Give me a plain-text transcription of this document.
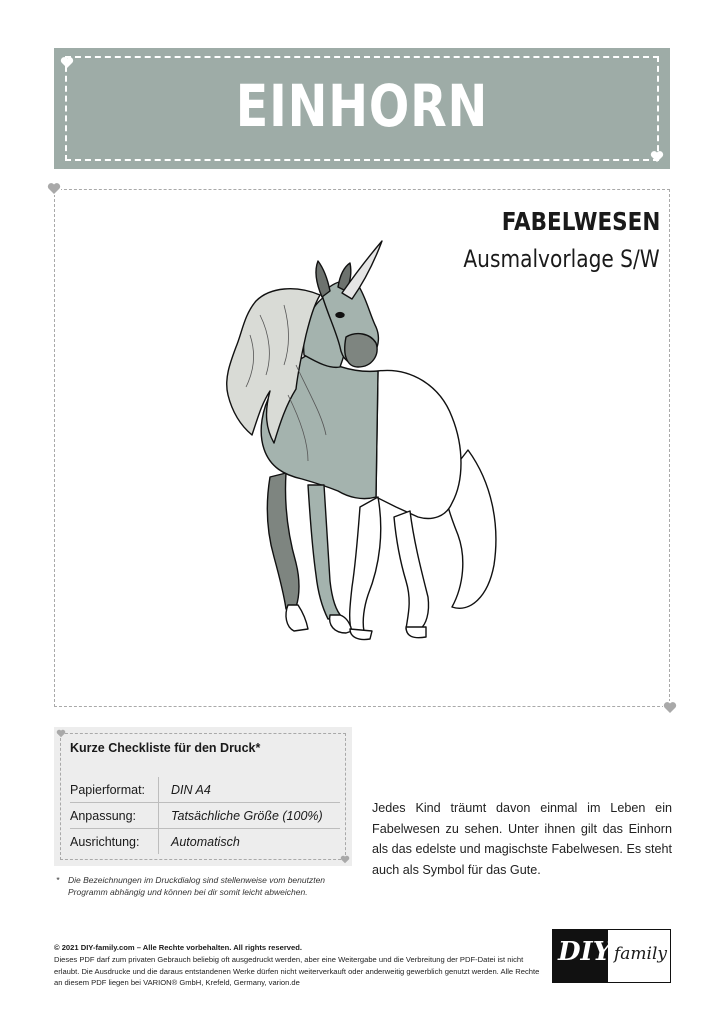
EINHORN
FABELWESEN
Ausmalvorlage S/W
Kurze Checkliste für den Druck*
Papierformat:	DIN A4
Anpassung:	Tatsächliche Größe (100%)
Ausrichtung:	Automatisch
*	Die Bezeichnungen im Druckdialog sind stellenweise vom benutzten Programm abhängig und können bei dir somit leicht abweichen.
Jedes Kind träumt davon einmal im Leben ein Fabelwesen zu sehen. Unter ihnen gilt das Einhorn als das edelste und magischste Fabelwesen. Es steht auch als Symbol für das Gute.
© 2021 DIY-family.com – Alle Rechte vorbehalten. All rights reserved.
Dieses PDF darf zum privaten Gebrauch beliebig oft ausgedruckt werden, aber eine Weitergabe und die Verbreitung der PDF-Datei ist nicht erlaubt. Die Ausdrucke und die daraus entstandenen Werke dürfen nicht weiterverkauft oder anderweitig gewerblich genutzt werden. Alle Rechte an diesem PDF liegen bei VARION® GmbH, Krefeld, Germany, varion.de
DIY family
